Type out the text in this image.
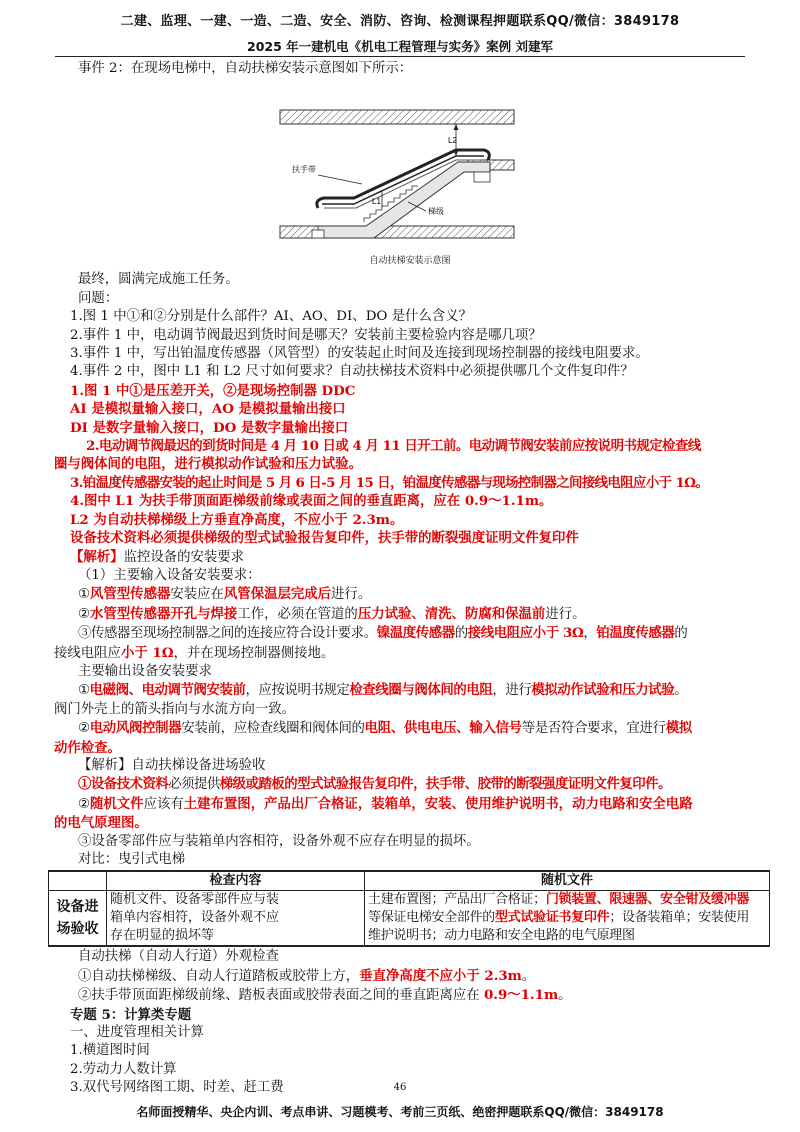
二建、监理、一建、一造、二造、安全、消防、咨询、检测课程押题联系QQ/微信：3849178
2025 年一建机电《机电工程管理与实务》案例 刘建军
事件 2：在现场电梯中，自动扶梯安装示意图如下所示：
L2
L1
扶手带
梯级
自动扶梯安装示意图
最终，圆满完成施工任务。
问题：
1.图 1 中①和②分别是什么部件？AI、AO、DI、DO 是什么含义？
2.事件 1 中，电动调节阀最迟到货时间是哪天？安装前主要检验内容是哪几项？
3.事件 1 中，写出铂温度传感器（风管型）的安装起止时间及连接到现场控制器的接线电阻要求。
4.事件 2 中，图中 L1 和 L2 尺寸如何要求？自动扶梯技术资料中必须提供哪几个文件复印件？
1.图 1 中①是压差开关，②是现场控制器 DDC
AI 是模拟量输入接口，AO 是模拟量输出接口
DI 是数字量输入接口，DO 是数字量输出接口
2.电动调节阀最迟的到货时间是 4 月 10 日或 4 月 11 日开工前。电动调节阀安装前应按说明书规定检查线
圈与阀体间的电阻，进行模拟动作试验和压力试验。
3.铂温度传感器安装的起止时间是 5 月 6 日-5 月 15 日，铂温度传感器与现场控制器之间接线电阻应小于 1Ω。
4.图中 L1 为扶手带顶面距梯级前缘或表面之间的垂直距离，应在 0.9～1.1m。
L2 为自动扶梯梯级上方垂直净高度，不应小于 2.3m。
设备技术资料必须提供梯级的型式试验报告复印件，扶手带的断裂强度证明文件复印件
【解析】监控设备的安装要求
（1）主要输入设备安装要求：
①风管型传感器安装应在风管保温层完成后进行。
②水管型传感器开孔与焊接工作，必须在管道的压力试验、清洗、防腐和保温前进行。
③传感器至现场控制器之间的连接应符合设计要求。镍温度传感器的接线电阻应小于 3Ω，铂温度传感器的
接线电阻应小于 1Ω，并在现场控制器侧接地。
主要输出设备安装要求
①电磁阀、电动调节阀安装前，应按说明书规定检查线圈与阀体间的电阻，进行模拟动作试验和压力试验。
阀门外壳上的箭头指向与水流方向一致。
②电动风阀控制器安装前，应检查线圈和阀体间的电阻、供电电压、输入信号等是否符合要求，宜进行模拟
动作检查。
【解析】自动扶梯设备进场验收
①设备技术资料必须提供梯级或踏板的型式试验报告复印件，扶手带、胶带的断裂强度证明文件复印件。
②随机文件应该有土建布置图，产品出厂合格证，装箱单，安装、使用维护说明书，动力电路和安全电路
的电气原理图。
③设备零部件应与装箱单内容相符，设备外观不应存在明显的损坏。
对比：曳引式电梯
	检查内容	随机文件
设备进
场验收	随机文件、设备零部件应与装
箱单内容相符，设备外观不应
存在明显的损坏等	土建布置图；产品出厂合格证；门锁装置、限速器、安全钳及缓冲器
等保证电梯安全部件的型式试验证书复印件；设备装箱单；安装使用
维护说明书；动力电路和安全电路的电气原理图
自动扶梯（自动人行道）外观检查
①自动扶梯梯级、自动人行道踏板或胶带上方，垂直净高度不应小于 2.3m。
②扶手带顶面距梯级前缘、踏板表面或胶带表面之间的垂直距离应在 0.9～1.1m。
专题 5：计算类专题
一、进度管理相关计算
1.横道图时间
2.劳动力人数计算
3.双代号网络图工期、时差、赶工费	46
名师面授精华、央企内训、考点串讲、习题模考、考前三页纸、绝密押题联系QQ/微信：3849178
